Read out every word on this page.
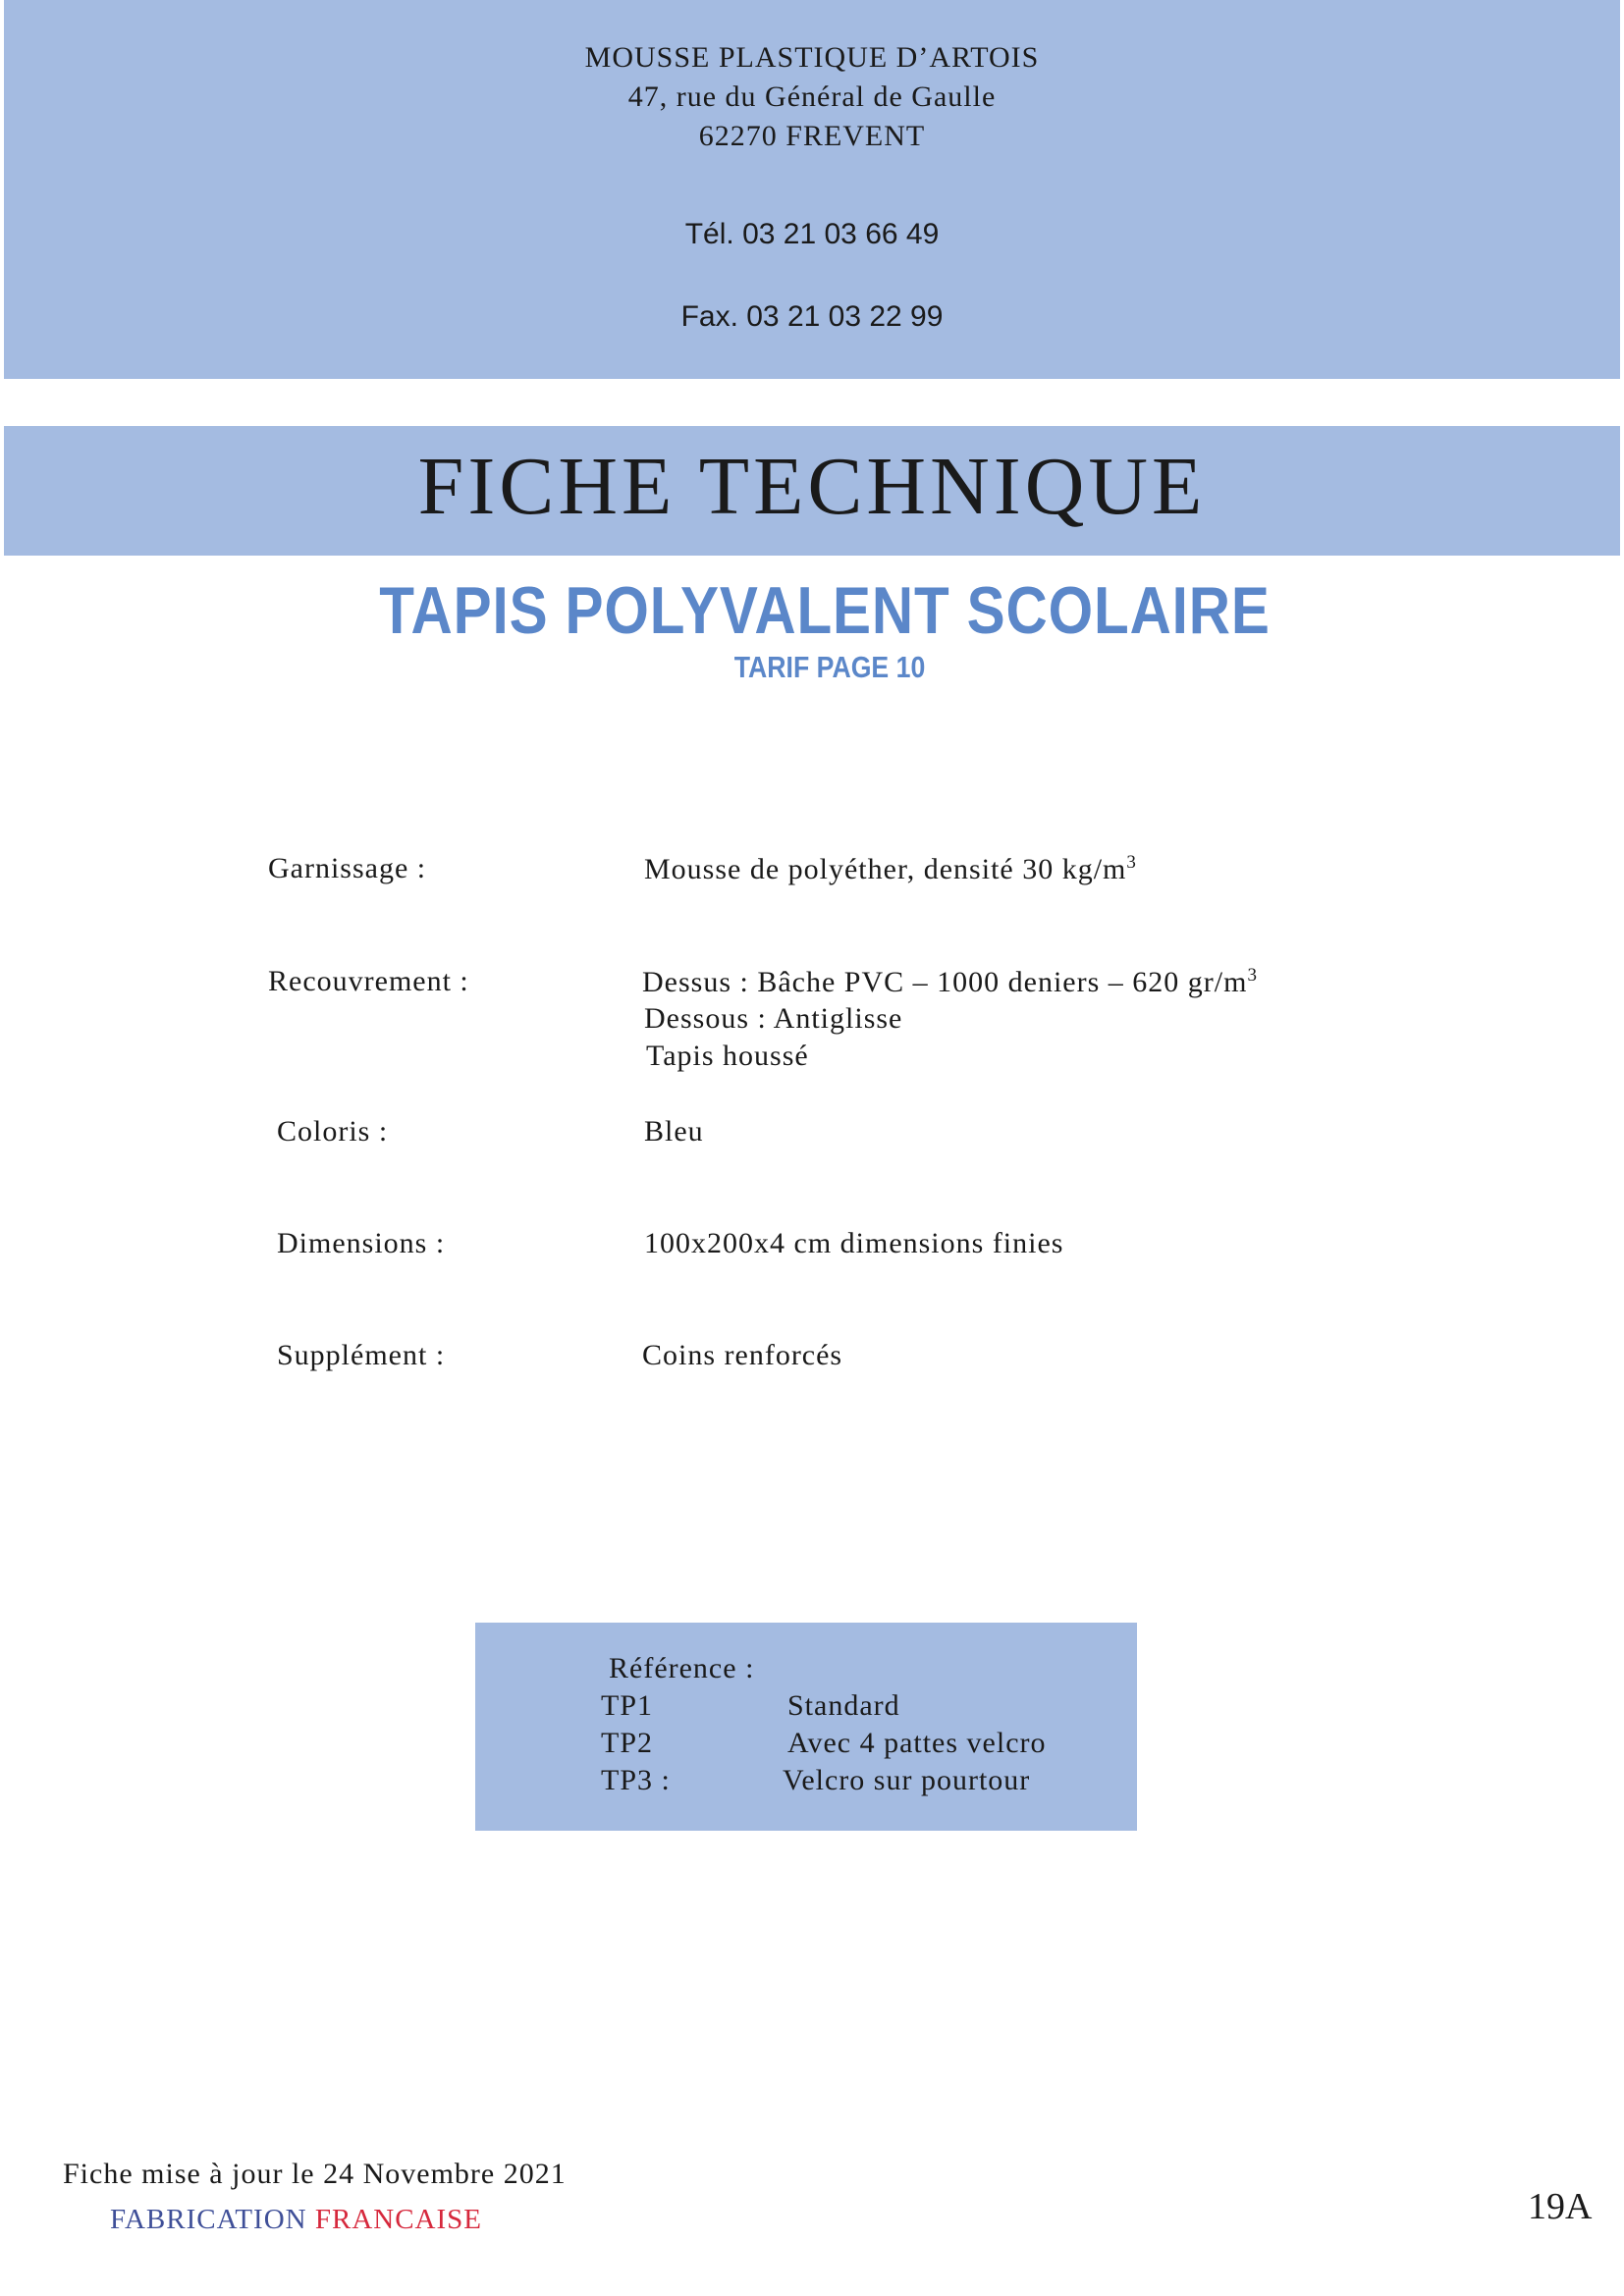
MOUSSE PLASTIQUE D’ARTOIS
47, rue du Général de Gaulle
62270 FREVENT
Tél. 03 21 03 66 49
Fax. 03 21 03 22 99
FICHE TECHNIQUE
TAPIS POLYVALENT SCOLAIRE
TARIF PAGE 10
Garnissage :	Mousse de polyéther, densité 30 $kg/m^3$
Recouvrement :	Dessus : Bâche PVC – 1000 deniers – 620 $gr/m^3$
Dessous : Antiglisse
Tapis houssé
Coloris :	Bleu
Dimensions :	100x200x4 cm dimensions finies
Supplément :	Coins renforcés
Référence :
TP1	Standard
TP2	Avec 4 pattes velcro
TP3 :	Velcro sur pourtour
Fiche mise à jour le 24 Novembre 2021
FABRICATION FRANCAISE	19A
